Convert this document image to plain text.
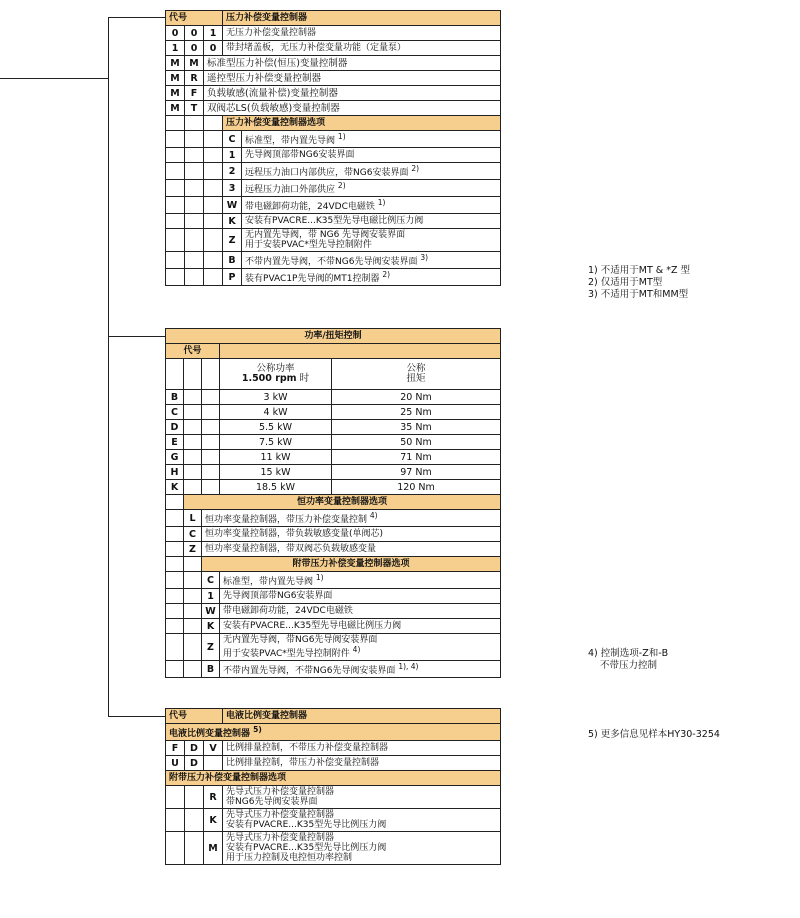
代号			压力补偿变量控制器	
0	0	1	无压力补偿变量控制器	
1	0	0	带封堵盖板，无压力补偿变量功能（定量泵）	
M	M	标准型压力补偿(恒压)变量控制器		
M	R	遥控型压力补偿变量控制器		
M	F	负载敏感(流量补偿)变量控制器		
M	T	双阀芯LS(负载敏感)变量控制器		
			压力补偿变量控制器选项	
			C	标准型，带内置先导阀 $^{1)}$
			1	先导阀顶部带NG6安装界面
			2	远程压力油口内部供应，带NG6安装界面 $^{2)}$
			3	远程压力油口外部供应 $^{2)}$
			W	带电磁卸荷功能，24VDC电磁铁 $^{1)}$
			K	安装有PVACRE...K35型先导电磁比例压力阀
			Z	无内置先导阀，带 NG6 先导阀安装界面
用于安装PVAC*型先导控制附件
			B	不带内置先导阀，不带NG6先导阀安装界面 $^{3)}$
			P	装有PVAC1P先导阀的MT1控制器 $^{2)}$
功率/扭矩控制				
代号				
			公称功率
1.500 rpm 时	公称
扭矩
B			3 kW	20 Nm
C			4 kW	25 Nm
D			5.5 kW	35 Nm
E			7.5 kW	50 Nm
G			11 kW	71 Nm
H			15 kW	97 Nm
K			18.5 kW	120 Nm
	恒功率变量控制器选项			
	L	恒功率变量控制器，带压力补偿变量控制 $^{4)}$
	C	恒功率变量控制器，带负载敏感变量(单阀芯)		
	Z	恒功率变量控制器，带双阀芯负载敏感变量		
		附带压力补偿变量控制器选项		
		C	标准型，带内置先导阀 $^{1)}$
		1	先导阀顶部带NG6安装界面	
		W	带电磁卸荷功能，24VDC电磁铁	
		K	安装有PVACRE...K35型先导电磁比例压力阀	
		Z	无内置先导阀，带NG6先导阀安装界面
用于安装PVAC*型先导控制附件 $^{4)}$
		B	不带内置先导阀，不带NG6先导阀安装界面 $^{1), 4)}$
代号			电液比例变量控制器
电液比例变量控制器 $^{5)}$
F	D	V	比例排量控制，不带压力补偿变量控制器
U	D		比例排量控制，带压力补偿变量控制器
附带压力补偿变量控制器选项			
		R	先导式压力补偿变量控制器
带NG6先导阀安装界面
		K	先导式压力补偿变量控制器
安装有PVACRE...K35型先导比例压力阀
		M	先导式压力补偿变量控制器
安装有PVACRE...K35型先导比例压力阀
用于压力控制及电控恒功率控制
1) 不适用于MT & *Z 型
2) 仅适用于MT型
3) 不适用于MT和MM型
4) 控制选项-Z和-B
不带压力控制
5) 更多信息见样本HY30-3254
